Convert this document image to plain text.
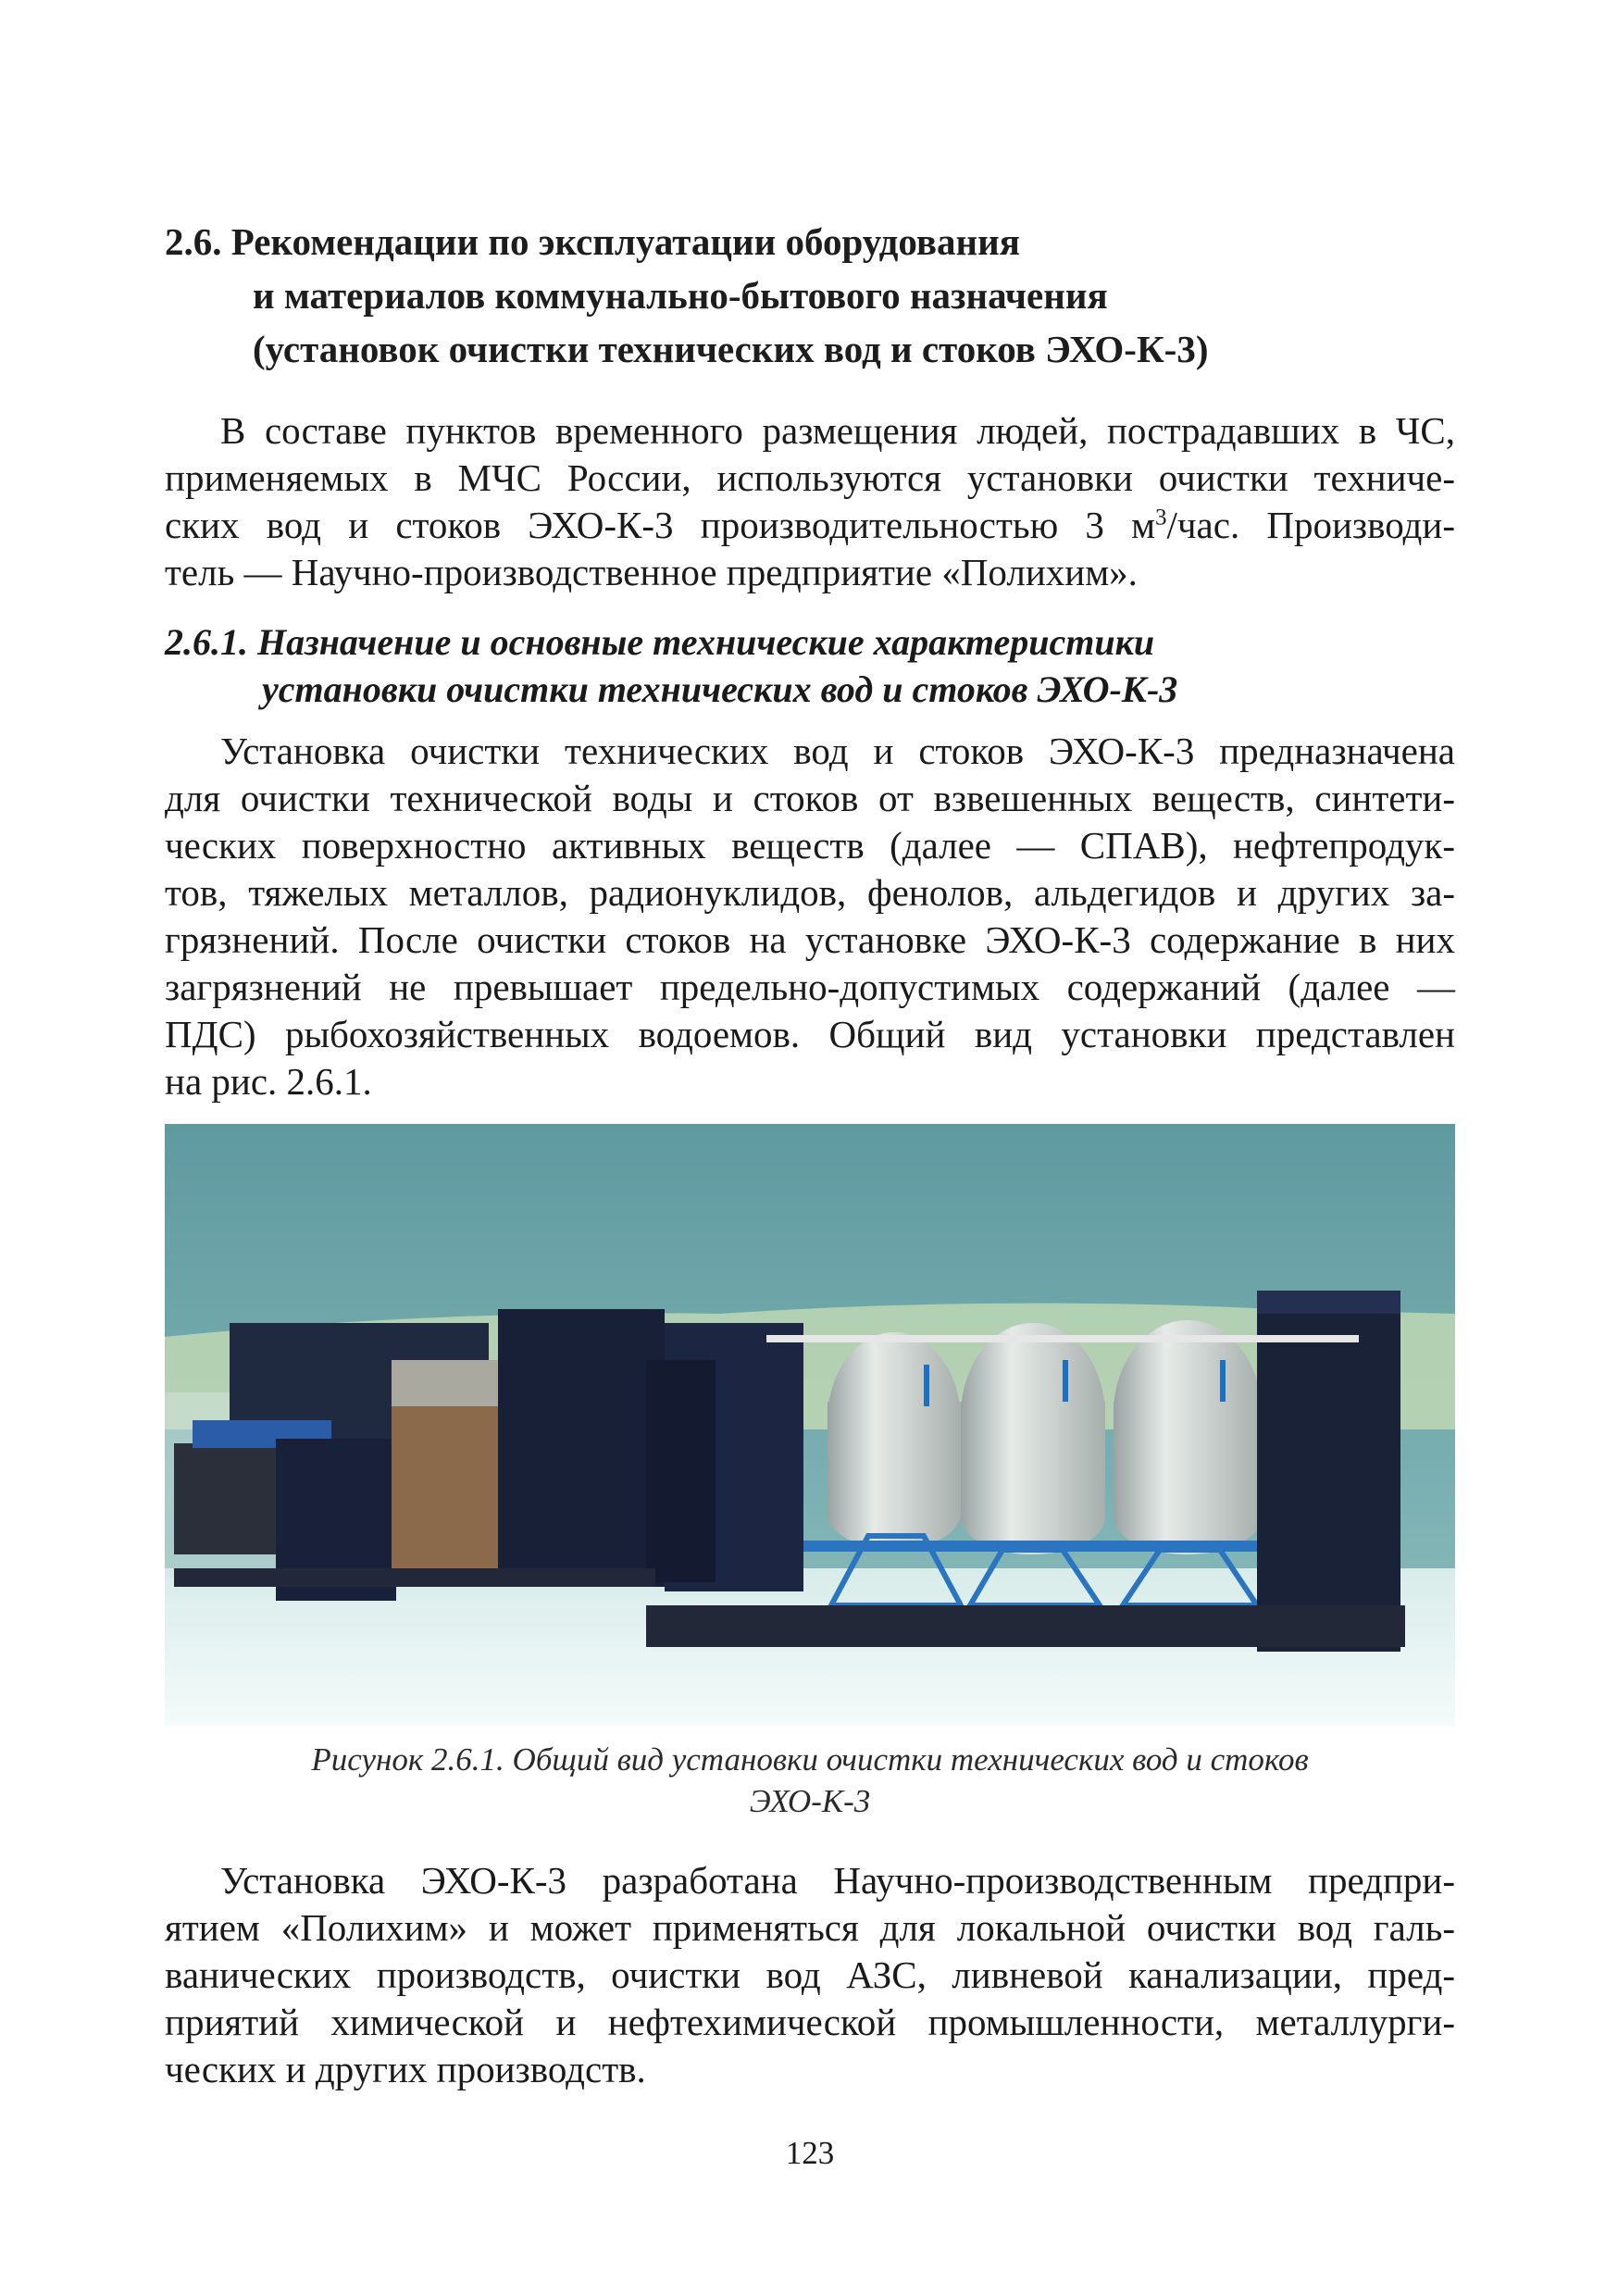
2.6. Рекомендации по эксплуатации оборудования
и материалов коммунально-бытового назначения
(установок очистки технических вод и стоков ЭХО-К-3)
В составе пунктов временного размещения людей, пострадавших в ЧС,
применяемых в МЧС России, используются установки очистки техниче-
ских вод и стоков ЭХО-К-3 производительностью 3 $м^3$/час. Производи-
тель — Научно-производственное предприятие «Полихим».
2.6.1. Назначение и основные технические характеристики
установки очистки технических вод и стоков ЭХО-К-3
Установка очистки технических вод и стоков ЭХО-К-3 предназначена
для очистки технической воды и стоков от взвешенных веществ, синтети-
ческих поверхностно активных веществ (далее — СПАВ), нефтепродук-
тов, тяжелых металлов, радионуклидов, фенолов, альдегидов и других за-
грязнений. После очистки стоков на установке ЭХО-К-3 содержание в них
загрязнений не превышает предельно-допустимых содержаний (далее —
ПДС) рыбохозяйственных водоемов. Общий вид установки представлен
на рис. 2.6.1.
Рисунок 2.6.1. Общий вид установки очистки технических вод и стоков
ЭХО-К-3
Установка ЭХО-К-3 разработана Научно-производственным предпри-
ятием «Полихим» и может применяться для локальной очистки вод галь-
ванических производств, очистки вод АЗС, ливневой канализации, пред-
приятий химической и нефтехимической промышленности, металлурги-
ческих и других производств.
123
